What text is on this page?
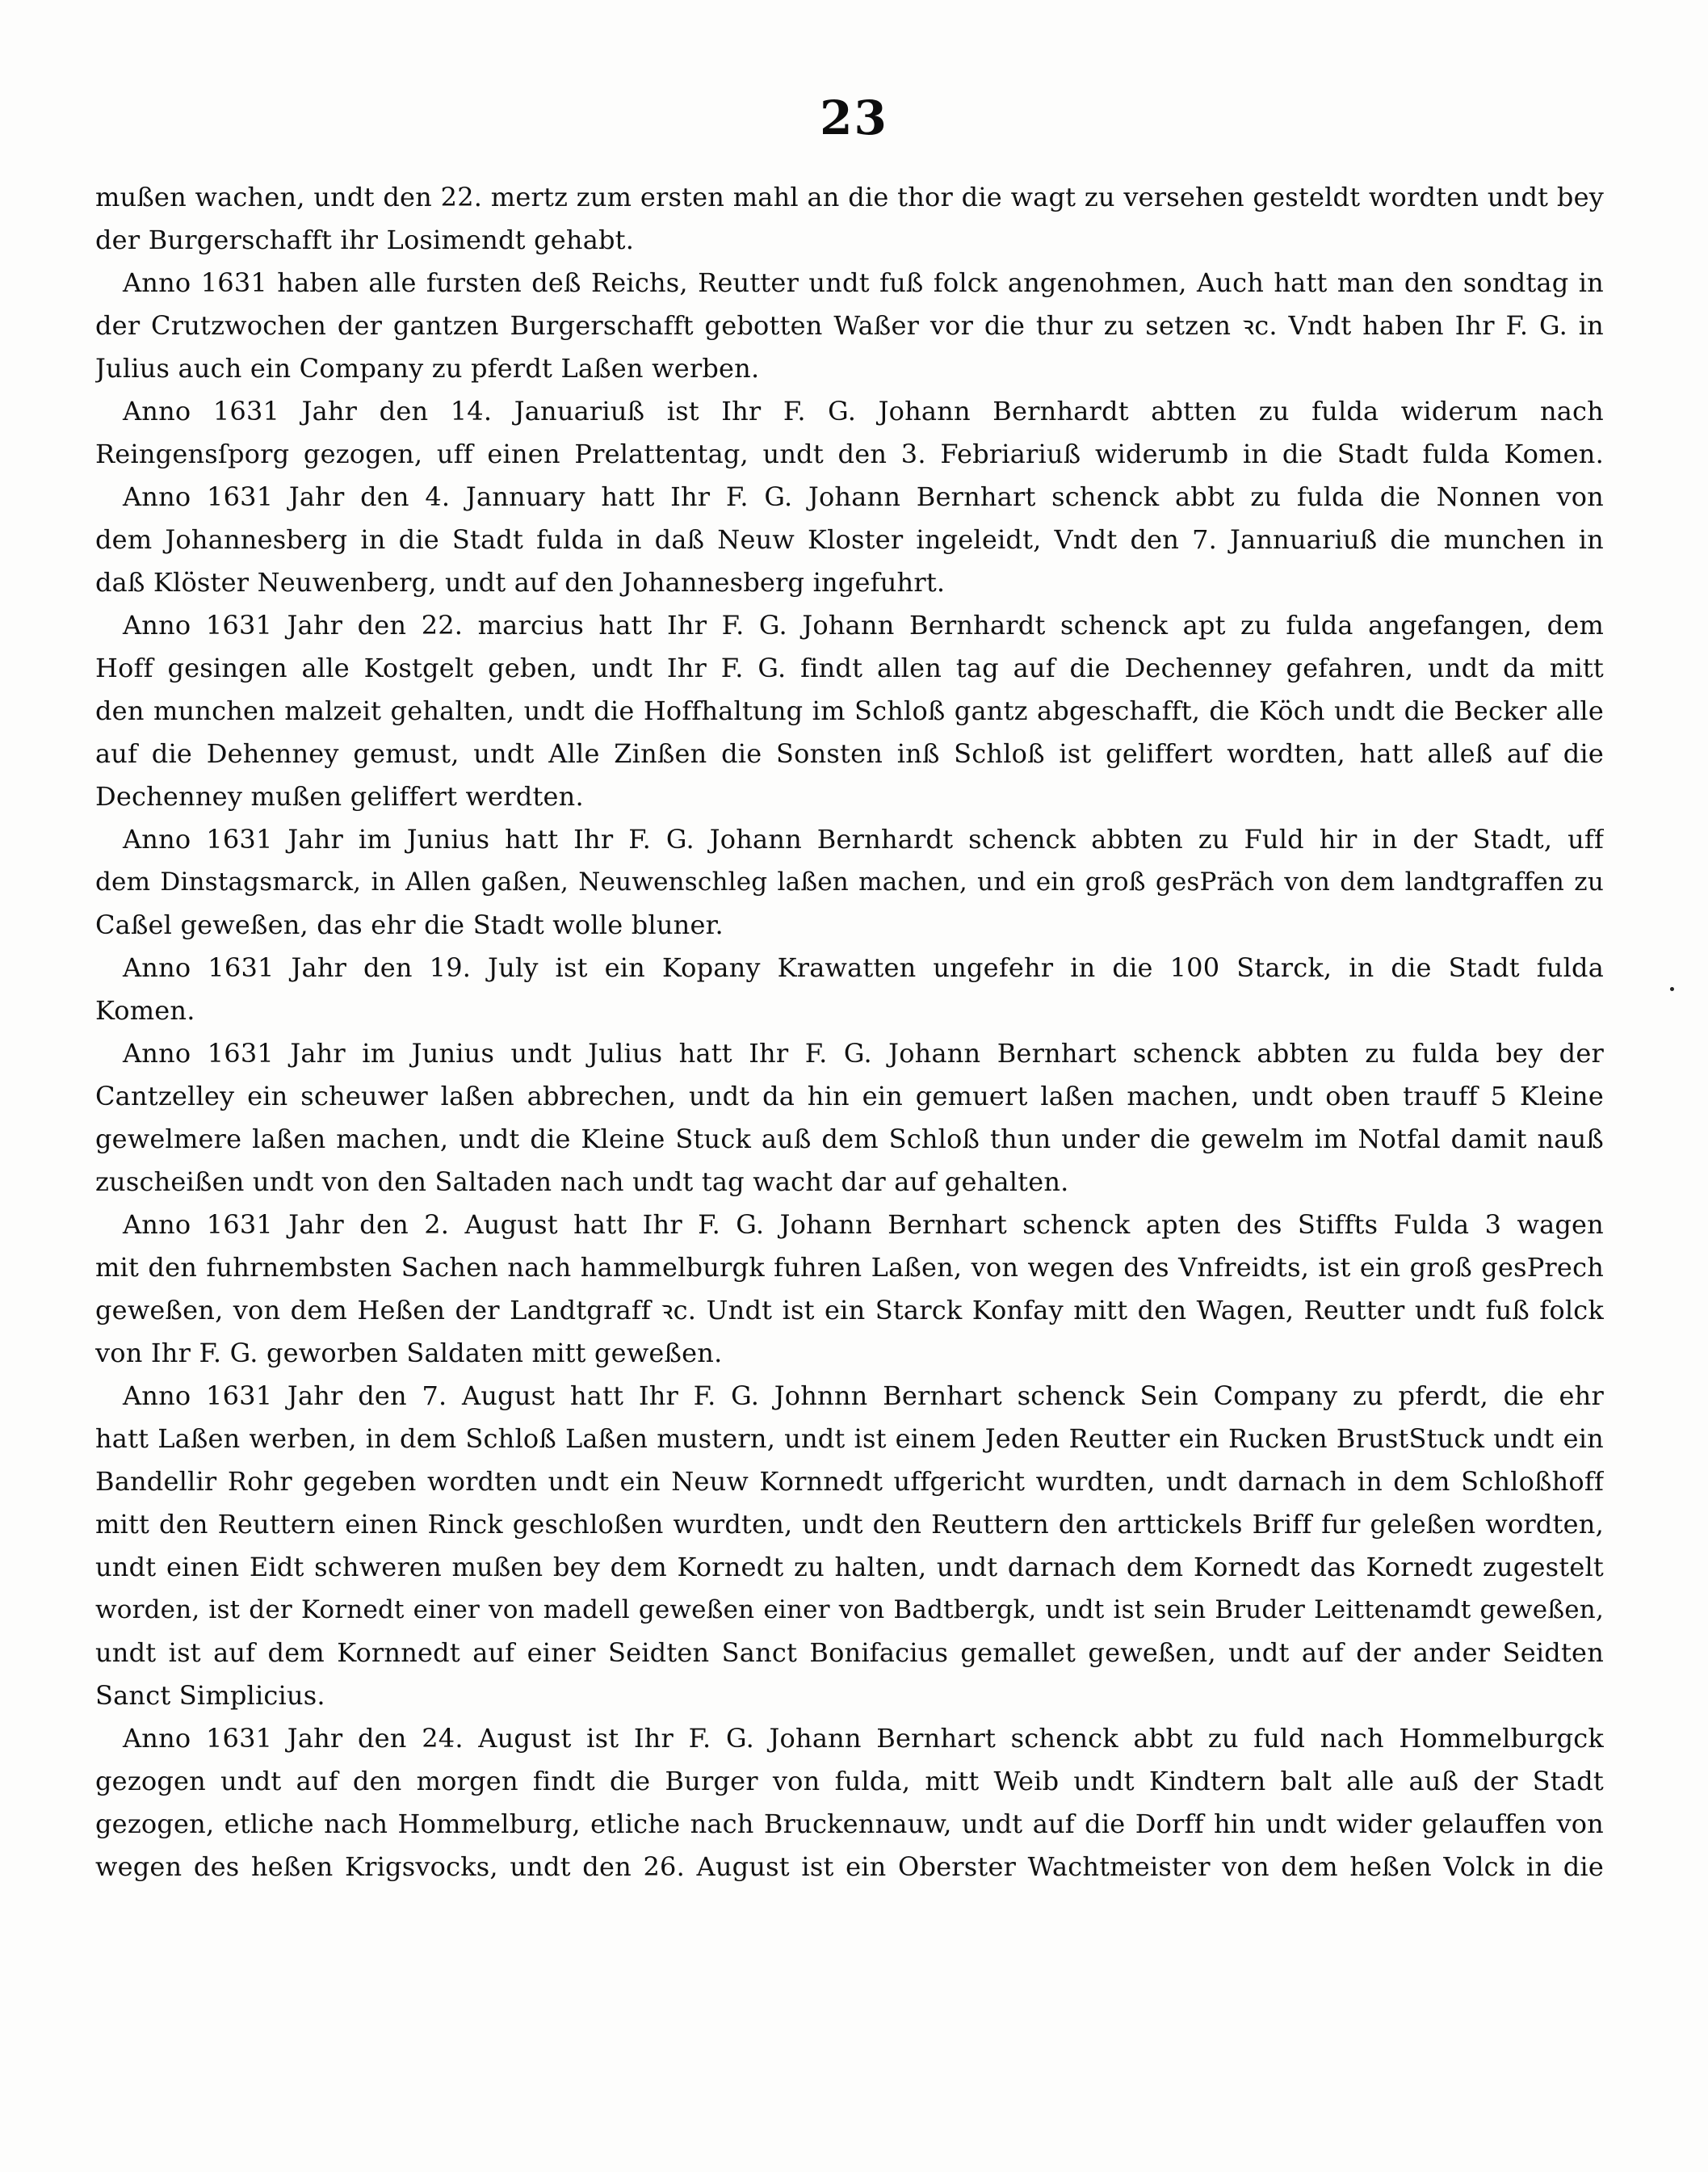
23
mußen wachen, undt den 22. mertz zum ersten mahl an die thor die wagt zu versehen gesteldt wordten undt bey
der Burgerschafft ihr Losimendt gehabt.
Anno 1631 haben alle fursten deß Reichs, Reutter undt fuß folck angenohmen, Auch hatt man den sondtag in
der Crutzwochen der gantzen Burgerschafft gebotten Waßer vor die thur zu setzen ꝛc. Vndt haben Ihr F. G. in
Julius auch ein Company zu pferdt Laßen werben.
Anno 1631 Jahr den 14. Januariuß ist Ihr F. G. Johann Bernhardt abtten zu fulda widerum nach
Reingensſporg gezogen, uff einen Prelattentag, undt den 3. Febriariuß widerumb in die Stadt fulda Komen.
Anno 1631 Jahr den 4. Jannuary hatt Ihr F. G. Johann Bernhart schenck abbt zu fulda die Nonnen von
dem Johannesberg in die Stadt fulda in daß Neuw Kloster ingeleidt, Vndt den 7. Jannuariuß die munchen in
daß Klöster Neuwenberg, undt auf den Johannesberg ingefuhrt.
Anno 1631 Jahr den 22. marcius hatt Ihr F. G. Johann Bernhardt schenck apt zu fulda angefangen, dem
Hoff gesingen alle Kostgelt geben, undt Ihr F. G. findt allen tag auf die Dechenney gefahren, undt da mitt
den munchen malzeit gehalten, undt die Hoffhaltung im Schloß gantz abgeschafft, die Köch undt die Becker alle
auf die Dehenney gemust, undt Alle Zinßen die Sonsten inß Schloß ist geliffert wordten, hatt alleß auf die
Dechenney mußen geliffert werdten.
Anno 1631 Jahr im Junius hatt Ihr F. G. Johann Bernhardt schenck abbten zu Fuld hir in der Stadt, uff
dem Dinstagsmarck, in Allen gaßen, Neuwenschleg laßen machen, und ein groß gesPräch von dem landtgraffen zu
Caßel geweßen, das ehr die Stadt wolle bluner.
Anno 1631 Jahr den 19. July ist ein Kopany Krawatten ungefehr in die 100 Starck, in die Stadt fulda
Komen.
Anno 1631 Jahr im Junius undt Julius hatt Ihr F. G. Johann Bernhart schenck abbten zu fulda bey der
Cantzelley ein scheuwer laßen abbrechen, undt da hin ein gemuert laßen machen, undt oben trauff 5 Kleine
gewelmere laßen machen, undt die Kleine Stuck auß dem Schloß thun under die gewelm im Notfal damit nauß
zuscheißen undt von den Saltaden nach undt tag wacht dar auf gehalten.
Anno 1631 Jahr den 2. August hatt Ihr F. G. Johann Bernhart schenck apten des Stiffts Fulda 3 wagen
mit den fuhrnembsten Sachen nach hammelburgk fuhren Laßen, von wegen des Vnfreidts, ist ein groß gesPrech
geweßen, von dem Heßen der Landtgraff ꝛc. Undt ist ein Starck Konfay mitt den Wagen, Reutter undt fuß folck
von Ihr F. G. geworben Saldaten mitt geweßen.
Anno 1631 Jahr den 7. August hatt Ihr F. G. Johnnn Bernhart schenck Sein Company zu pferdt, die ehr
hatt Laßen werben, in dem Schloß Laßen mustern, undt ist einem Jeden Reutter ein Rucken BrustStuck undt ein
Bandellir Rohr gegeben wordten undt ein Neuw Kornnedt uffgericht wurdten, undt darnach in dem Schloßhoff
mitt den Reuttern einen Rinck geschloßen wurdten, undt den Reuttern den arttickels Briff fur geleßen wordten,
undt einen Eidt schweren mußen bey dem Kornedt zu halten, undt darnach dem Kornedt das Kornedt zugestelt
worden, ist der Kornedt einer von madell geweßen einer von Badtbergk, undt ist sein Bruder Leittenamdt geweßen,
undt ist auf dem Kornnedt auf einer Seidten Sanct Bonifacius gemallet geweßen, undt auf der ander Seidten
Sanct Simplicius.
Anno 1631 Jahr den 24. August ist Ihr F. G. Johann Bernhart schenck abbt zu fuld nach Hommelburgck
gezogen undt auf den morgen findt die Burger von fulda, mitt Weib undt Kindtern balt alle auß der Stadt
gezogen, etliche nach Hommelburg, etliche nach Bruckennauw, undt auf die Dorff hin undt wider gelauffen von
wegen des heßen Krigsvocks, undt den 26. August ist ein Oberster Wachtmeister von dem heßen Volck in die
